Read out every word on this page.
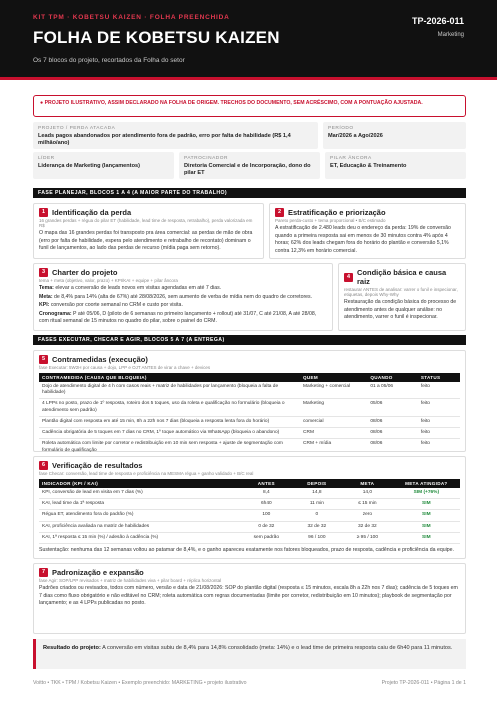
KIT TPM · KOBETSU KAIZEN · FOLHA PREENCHIDA
FOLHA DE KOBETSU KAIZEN
Os 7 blocos do projeto, recortados da Folha do setor
TP-2026-011
Marketing
● PROJETO ILUSTRATIVO, ASSIM DECLARADO NA FOLHA DE ORIGEM. TRECHOS DO DOCUMENTO, SEM ACRÉSCIMO, COM A PONTUAÇÃO AJUSTADA.
PROJETO / PERDA ATACADA
Leads pagos abandonados por atendimento fora de padrão, erro por falta de habilidade (R$ 1,4 milhão/ano)
PERÍODO
Mar/2026 a Ago/2026
LÍDER
Liderança de Marketing (lançamentos)
PATROCINADOR
Diretoria Comercial e de Incorporação, dono do pilar ET
PILAR ÂNCORA
ET, Educação & Treinamento
FASE PLANEJAR, BLOCOS 1 A 4 (A MAIOR PARTE DO TRABALHO)
1 Identificação da perda
16 grandes perdas + régua do pilar ET (habilidade, lead time de resposta, retrabalho), perda valorizada em R$
O mapa das 16 grandes perdas foi transposto pra área comercial: as perdas de mão de obra (erro por falta de habilidade, espera pelo atendimento e retrabalho de recontato) dominam o funil de lançamentos, ao lado das perdas de recurso (mídia paga sem retorno).
2 Estratificação e priorização
Pareto perda-custo + tema proporcional • B/C estimado
A estratificação de 2.480 leads deu o endereço da perda: 19% de conversão quando a primeira resposta sai em menos de 30 minutos contra 4% após 4 horas; 62% dos leads chegam fora do horário do plantão e conversão 5,1% contra 12,3% em horário comercial.
3 Charter do projeto
tema + meta (objetivo, valor, prazo) + KPI/KAI + equipe + pilar âncora

Tema: elevar a conversão de leads novos em visitas agendadas em até 7 dias.

Meta: de 8,4% para 14% (alta de 67%) até 28/08/2026, sem aumento de verba de mídia nem do quadro de corretores.

KPI: conversão por coorte semanal no CRM e custo por visita.

Cronograma: P até 05/06, D (piloto de 6 semanas no primeiro lançamento + rollout) até 31/07, C até 21/08, A até 28/08, com ritual semanal de 15 minutos no quadro do pilar, sobre o painel do CRM.

4 Condição básica e causa raiz
restaurar ANTES de analisar: varrer o funil e inspecionar, etiquetas, depois Why-Why
Restauração da condição básica do processo de atendimento antes de qualquer análise: no atendimento, varrer o funil é inspecionar.
FASES EXECUTAR, CHECAR E AGIR, BLOCOS 5 A 7 (A ENTREGA)
5 Contramedidas (execução)
fase Executar: 5W2H por causa + dojo, LPP e OJT ANTES de virar a chave + devices
CONTRAMEDIDA (CAUSA QUE BLOQUEIA)	QUEM	QUANDO	STATUS
Dojo de atendimento digital de 4 h com casos reais + matriz de habilidades por lançamento (bloqueia a falta de habilidade)	Marketing + comercial	01 a 05/06	feito
4 LPPs no posto, prazo de 1º resposta, roteiro dos 5 toques, uso da roleta e qualificação no formulário (bloqueia o atendimento sem padrão)	Marketing	05/06	feito
Plantão digital com resposta em até 15 min, 8h a 22h nos 7 dias (bloqueia a resposta lenta fora do horário)	comercial	08/06	feito
Cadência obrigatória de 5 toques em 7 dias no CRM, 1º toque automático via WhatsApp (bloqueia o abandono)	CRM	08/06	feito
Roleta automática com limite por corretor e redistribuição em 10 min sem resposta + ajuste de segmentação com formulário de qualificação	CRM + mídia	08/06	feito
6 Verificação de resultados
fase Checar: conversão, lead time de resposta e proficiência na MESMA régua + ganho validado + B/C real
INDICADOR (KPI / KAI)	ANTES	DEPOIS	META	META ATINGIDA?
KPI, conversão de lead em visita em 7 dias (%)	8,4	14,8	14,0	SIM (+76%)
KAI, lead time da 1ª resposta	6h40	11 min	≤ 15 min	SIM
Régua ET, atendimento fora do padrão (%)	100	0	zero	SIM
KAI, proficiência avaliada na matriz de habilidades	0 de 32	32 de 32	32 de 32	SIM
KAI, 1ª resposta ≤ 15 min (%) / adesão à cadência (%)	sem padrão	96 / 100	≥ 95 / 100	SIM
Sustentação: nenhuma das 12 semanas voltou ao patamar de 8,4%, e o ganho apareceu exatamente nos fatores bloqueados, prazo de resposta, cadência e proficiência da equipe.
7 Padronização e expansão
fase Agir: SOP/LPP revisados + matriz de habilidades viva + pilar board + réplica horizontal
Padrões criados ou revisados, todos com número, versão e data de 21/08/2026: SOP do plantão digital (resposta ≤ 15 minutos, escala 8h a 22h nos 7 dias); cadência de 5 toques em 7 dias como fluxo obrigatório e não editável no CRM; roleta automática com regras documentadas (limite por corretor, redistribuição em 10 minutos); playbook de segmentação por lançamento; e as 4 LPPs publicadas no posto.
Resultado do projeto: A conversão em visitas subiu de 8,4% para 14,8% consolidado (meta: 14%) e o lead time de primeira resposta caiu de 6h40 para 11 minutos.
Voitto • TKK • TPM / Kobetsu Kaizen • Exemplo preenchido: MARKETING • projeto ilustrativo	Projeto TP-2026-011 • Página 1 de 1
